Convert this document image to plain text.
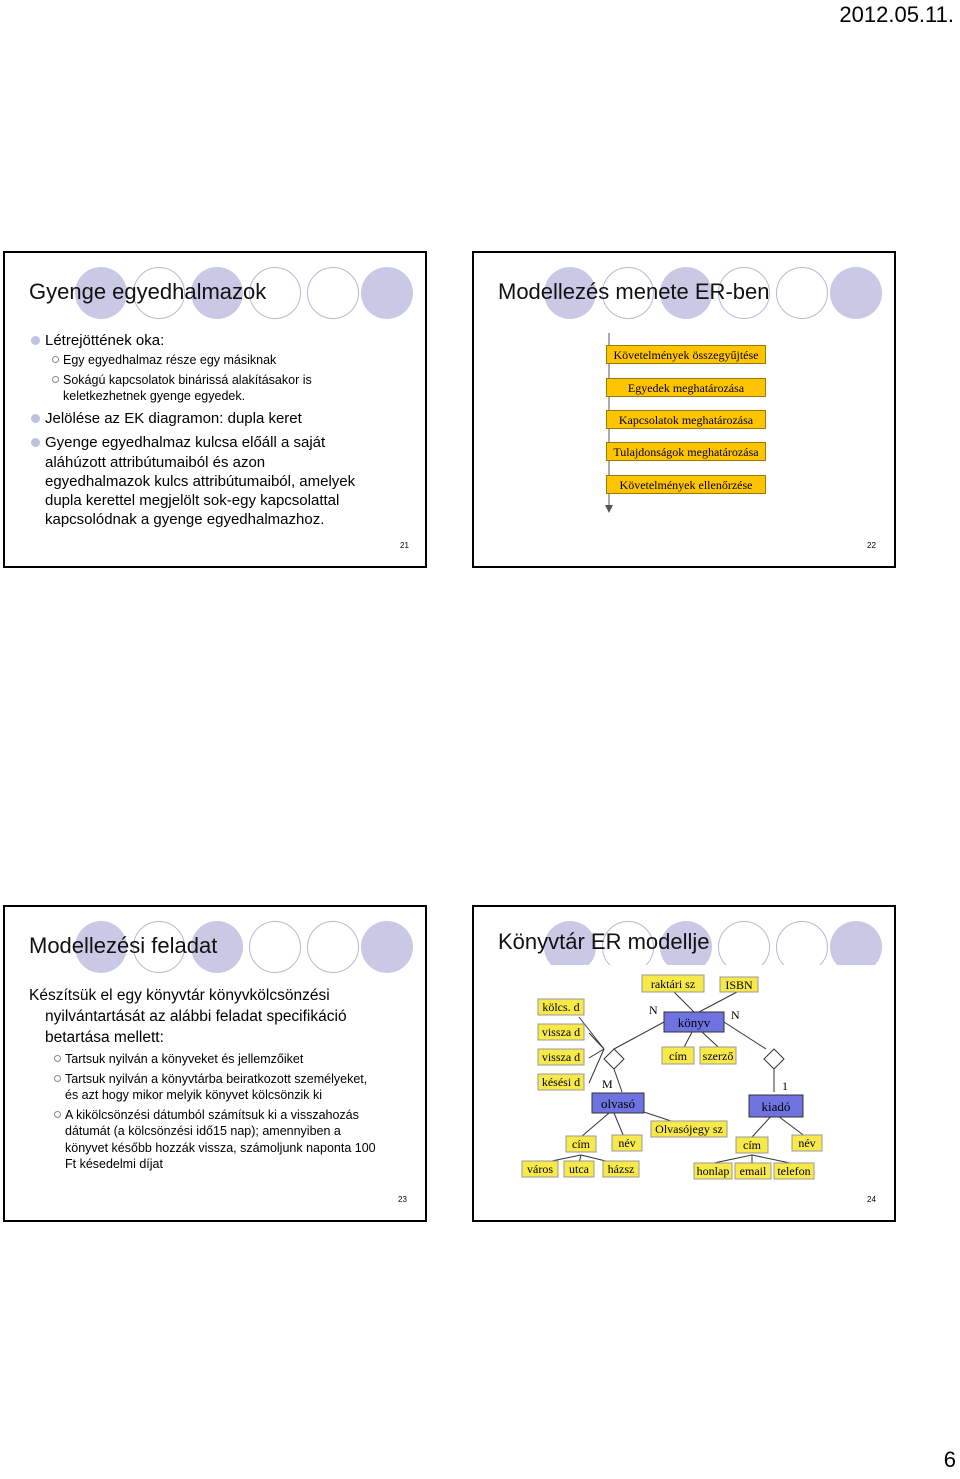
2012.05.11.
Gyenge egyedhalmazok
Létrejöttének oka:
Egy egyedhalmaz része egy másiknak
Sokágú kapcsolatok binárissá alakításakor is
keletkezhetnek gyenge egyedek.
Jelölése az EK diagramon: dupla keret
Gyenge egyedhalmaz kulcsa előáll a saját
aláhúzott attribútumaiból és azon
egyedhalmazok kulcs attribútumaiból, amelyek
dupla kerettel megjelölt sok-egy kapcsolattal
kapcsolódnak a gyenge egyedhalmazhoz.
21
Modellezés menete ER-ben
Követelmények összegyűjtése
Egyedek meghatározása
Kapcsolatok meghatározása
Tulajdonságok meghatározása
Követelmények ellenőrzése
22
Modellezési feladat
Készítsük el egy könyvtár könyvkölcsönzési
nyilvántartását az alábbi feladat specifikáció
betartása mellett:
Tartsuk nyilván a könyveket és jellemzőiket
Tartsuk nyilván a könyvtárba beiratkozott személyeket,
és azt hogy mikor melyik könyvet kölcsönzik ki
A kikölcsönzési dátumból számítsuk ki a visszahozás
dátumát (a kölcsönzési idő15 nap); amennyiben a
könyvet később hozzák vissza, számoljunk naponta 100
Ft késedelmi díjat
23
Könyvtár ER modellje
raktári sz	ISBN
könyv
N	N
cím szerző
kölcs. d
vissza d
vissza d
késési d M	1
olvasó	kiadó
Olvasójegy sz
cím név	cím	név
város utca házsz	honlap email telefon
24
6
